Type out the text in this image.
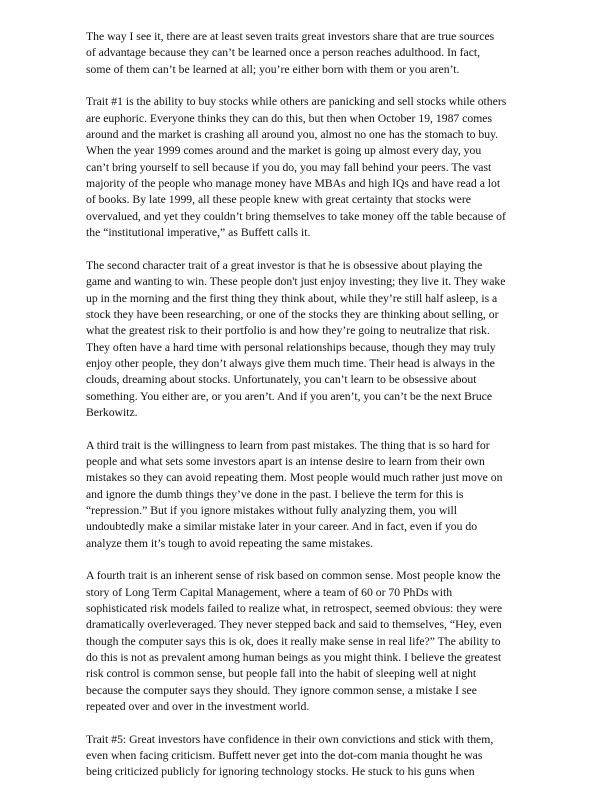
The way I see it, there are at least seven traits great investors share that are true sources
of advantage because they can’t be learned once a person reaches adulthood. In fact,
some of them can’t be learned at all; you’re either born with them or you aren’t.

Trait #1 is the ability to buy stocks while others are panicking and sell stocks while others
are euphoric. Everyone thinks they can do this, but then when October 19, 1987 comes
around and the market is crashing all around you, almost no one has the stomach to buy.
When the year 1999 comes around and the market is going up almost every day, you
can’t bring yourself to sell because if you do, you may fall behind your peers. The vast
majority of the people who manage money have MBAs and high IQs and have read a lot
of books. By late 1999, all these people knew with great certainty that stocks were
overvalued, and yet they couldn’t bring themselves to take money off the table because of
the “institutional imperative,” as Buffett calls it.

The second character trait of a great investor is that he is obsessive about playing the
game and wanting to win. These people don't just enjoy investing; they live it. They wake
up in the morning and the first thing they think about, while they’re still half asleep, is a
stock they have been researching, or one of the stocks they are thinking about selling, or
what the greatest risk to their portfolio is and how they’re going to neutralize that risk.
They often have a hard time with personal relationships because, though they may truly
enjoy other people, they don’t always give them much time. Their head is always in the
clouds, dreaming about stocks. Unfortunately, you can’t learn to be obsessive about
something. You either are, or you aren’t. And if you aren’t, you can’t be the next Bruce
Berkowitz.

A third trait is the willingness to learn from past mistakes. The thing that is so hard for
people and what sets some investors apart is an intense desire to learn from their own
mistakes so they can avoid repeating them. Most people would much rather just move on
and ignore the dumb things they’ve done in the past. I believe the term for this is
“repression.” But if you ignore mistakes without fully analyzing them, you will
undoubtedly make a similar mistake later in your career. And in fact, even if you do
analyze them it’s tough to avoid repeating the same mistakes.

A fourth trait is an inherent sense of risk based on common sense. Most people know the
story of Long Term Capital Management, where a team of 60 or 70 PhDs with
sophisticated risk models failed to realize what, in retrospect, seemed obvious: they were
dramatically overleveraged. They never stepped back and said to themselves, “Hey, even
though the computer says this is ok, does it really make sense in real life?” The ability to
do this is not as prevalent among human beings as you might think. I believe the greatest
risk control is common sense, but people fall into the habit of sleeping well at night
because the computer says they should. They ignore common sense, a mistake I see
repeated over and over in the investment world.

Trait #5: Great investors have confidence in their own convictions and stick with them,
even when facing criticism. Buffett never get into the dot-com mania thought he was
being criticized publicly for ignoring technology stocks. He stuck to his guns when
